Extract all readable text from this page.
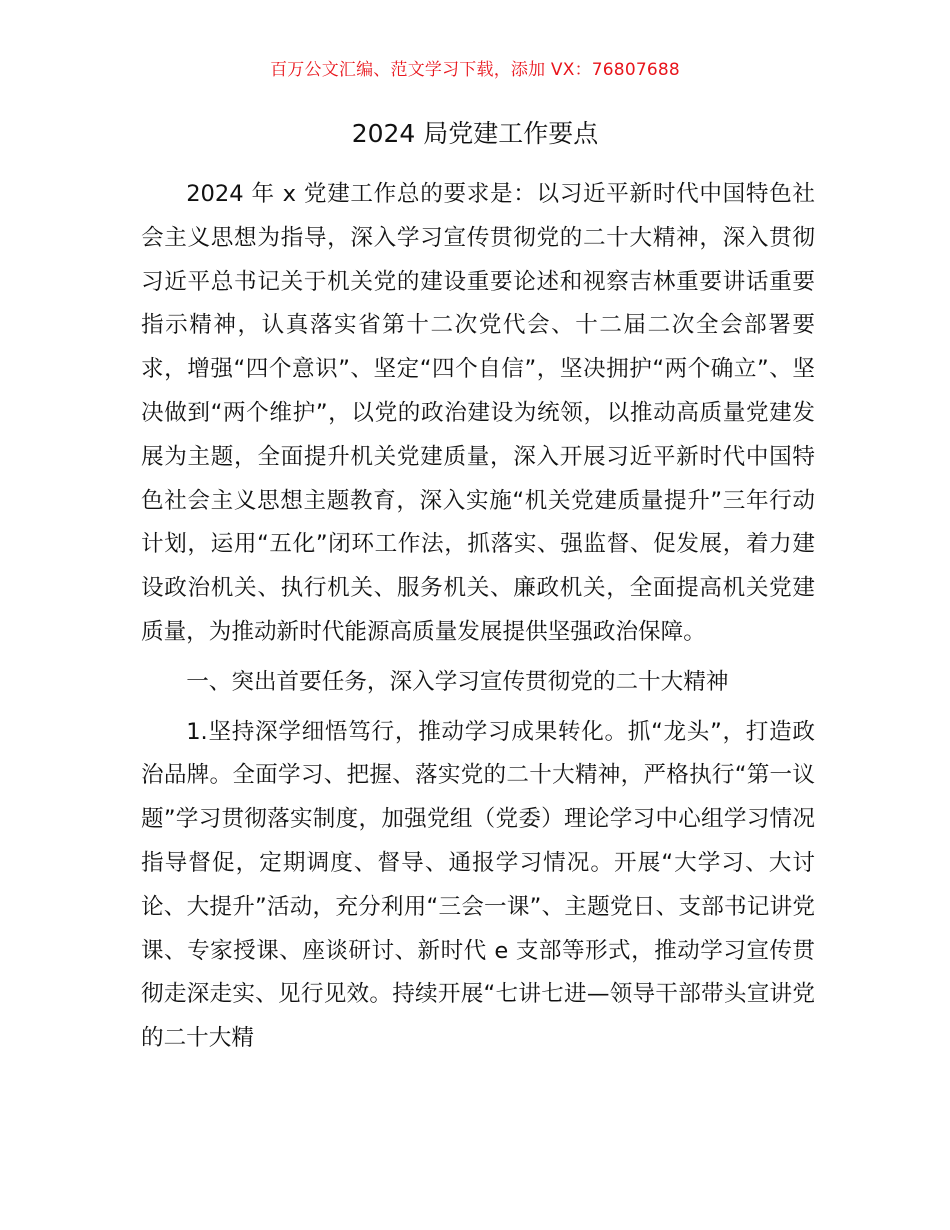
百万公文汇编、范文学习下载，添加 VX：76807688
2024 局党建工作要点

2024 年 x 党建工作总的要求是：以习近平新时代中国特色社会主义思想为指导，深入学习宣传贯彻党的二十大精神，深入贯彻习近平总书记关于机关党的建设重要论述和视察吉林重要讲话重要指示精神，认真落实省第十二次党代会、十二届二次全会部署要求，增强“四个意识”、坚定“四个自信”，坚决拥护“两个确立”、坚决做到“两个维护”，以党的政治建设为统领，以推动高质量党建发展为主题，全面提升机关党建质量，深入开展习近平新时代中国特色社会主义思想主题教育，深入实施“机关党建质量提升”三年行动计划，运用“五化”闭环工作法，抓落实、强监督、促发展，着力建设政治机关、执行机关、服务机关、廉政机关，全面提高机关党建质量，为推动新时代能源高质量发展提供坚强政治保障。

一、突出首要任务，深入学习宣传贯彻党的二十大精神

1.坚持深学细悟笃行，推动学习成果转化。抓“龙头”，打造政治品牌。全面学习、把握、落实党的二十大精神，严格执行“第一议题”学习贯彻落实制度，加强党组（党委）理论学习中心组学习情况指导督促，定期调度、督导、通报学习情况。开展“大学习、大讨论、大提升”活动，充分利用“三会一课”、主题党日、支部书记讲党课、专家授课、座谈研讨、新时代 e 支部等形式，推动学习宣传贯彻走深走实、见行见效。持续开展“七讲七进—领导干部带头宣讲党的二十大精
